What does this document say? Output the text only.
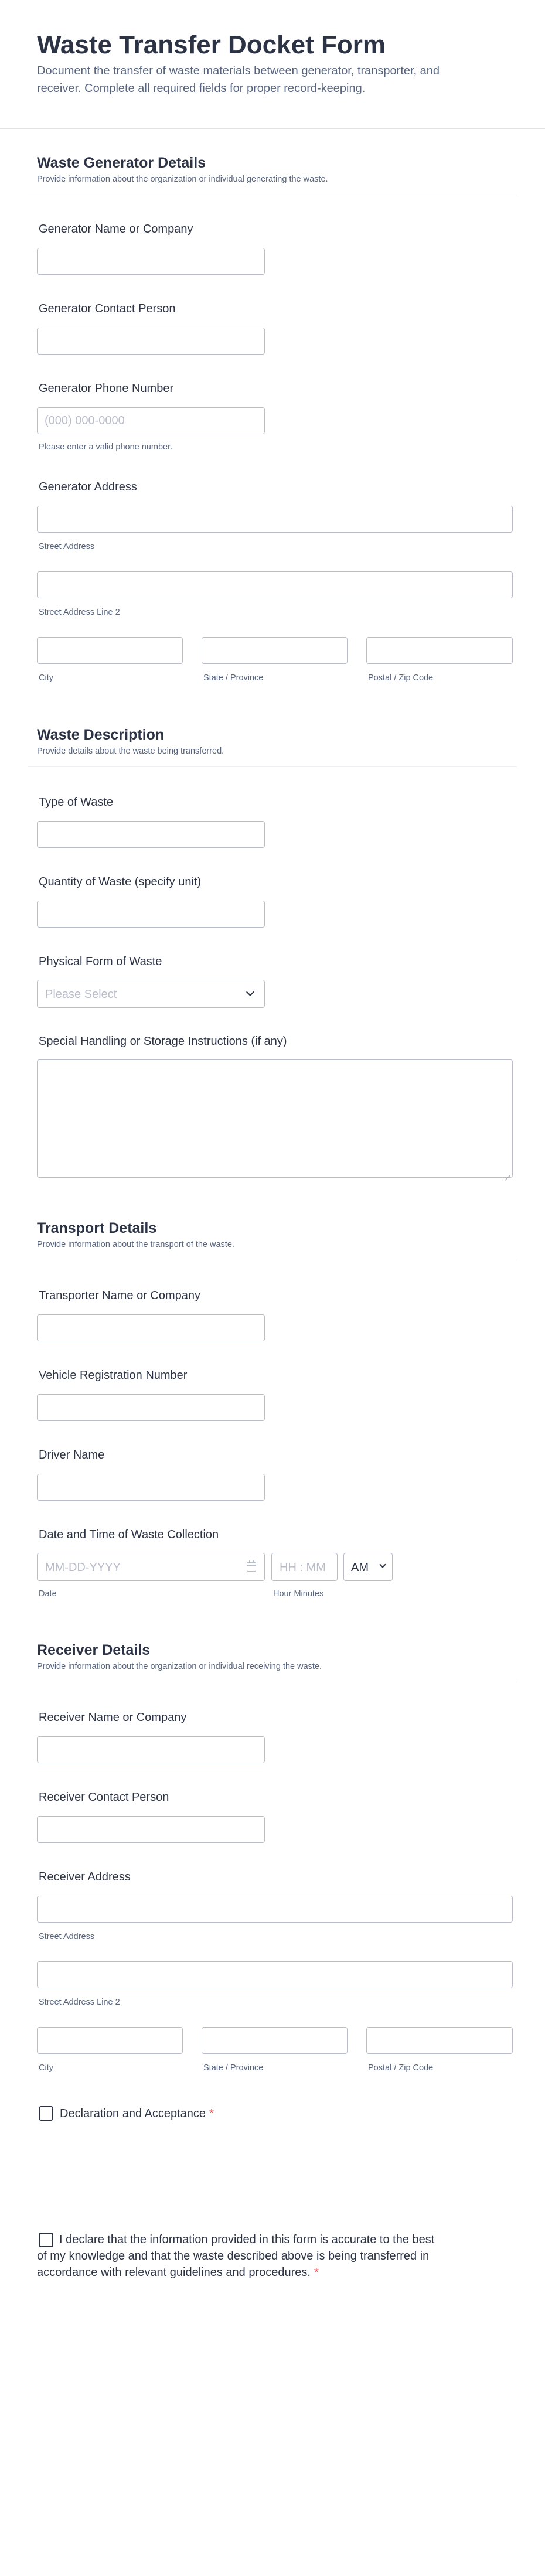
Waste Transfer Docket Form

Document the transfer of waste materials between generator, transporter, and receiver. Complete all required fields for proper record-keeping.

Waste Generator Details

Provide information about the organization or individual generating the waste.

Generator Name or Company
Generator Contact Person
Generator Phone Number
(000) 000-0000
Please enter a valid phone number.
Generator Address
Street Address
Street Address Line 2
City	State / Province	Postal / Zip Code
Waste Description

Provide details about the waste being transferred.

Type of Waste
Quantity of Waste (specify unit)
Physical Form of Waste
Please Select
Special Handling or Storage Instructions (if any)
Transport Details

Provide information about the transport of the waste.

Transporter Name or Company
Vehicle Registration Number
Driver Name
Date and Time of Waste Collection
MM-DD-YYYY	HH : MM AM
Date	Hour Minutes
Receiver Details

Provide information about the organization or individual receiving the waste.

Receiver Name or Company
Receiver Contact Person
Receiver Address
Street Address
Street Address Line 2
City	State / Province	Postal / Zip Code
Declaration and Acceptance *

I declare that the information provided in this form is accurate to the best of my knowledge and that the waste described above is being transferred in accordance with relevant guidelines and procedures. *
